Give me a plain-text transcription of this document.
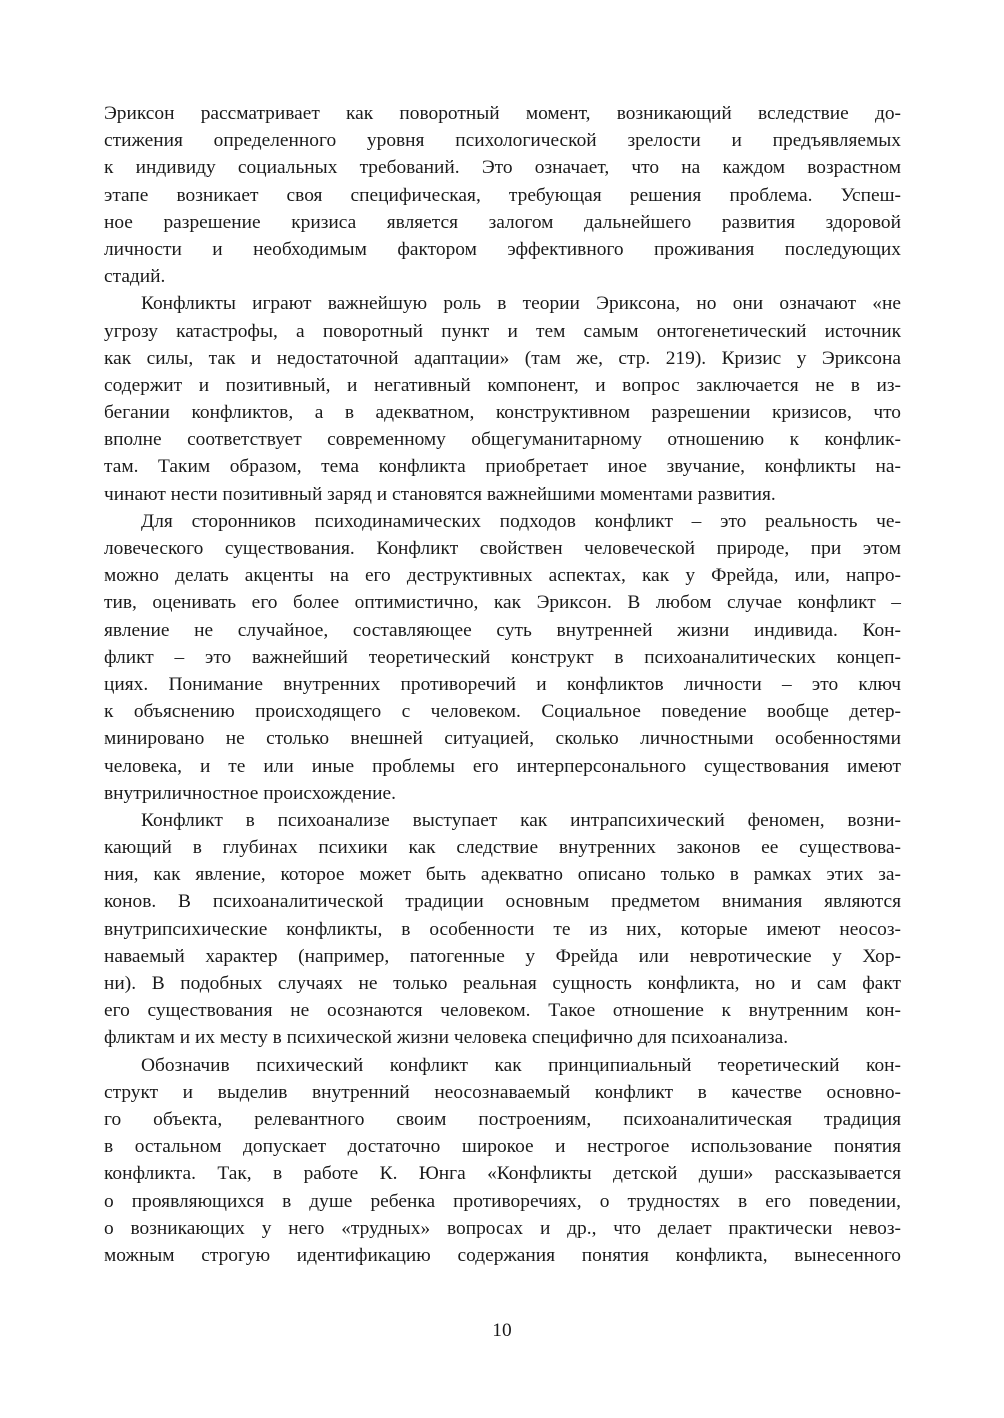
Эриксон рассматривает как поворотный момент, возникающий вследствие до-
стижения определенного уровня психологической зрелости и предъявляемых
к индивиду социальных требований. Это означает, что на каждом возрастном
этапе возникает своя специфическая, требующая решения проблема. Успеш-
ное разрешение кризиса является залогом дальнейшего развития здоровой
личности и необходимым фактором эффективного проживания последующих
стадий.
Конфликты играют важнейшую роль в теории Эриксона, но они означают «не
угрозу катастрофы, а поворотный пункт и тем самым онтогенетический источник
как силы, так и недостаточной адаптации» (там же, стр. 219). Кризис у Эриксона
содержит и позитивный, и негативный компонент, и вопрос заключается не в из-
бегании конфликтов, а в адекватном, конструктивном разрешении кризисов, что
вполне соответствует современному общегуманитарному отношению к конфлик-
там. Таким образом, тема конфликта приобретает иное звучание, конфликты на-
чинают нести позитивный заряд и становятся важнейшими моментами развития.
Для сторонников психодинамических подходов конфликт – это реальность че-
ловеческого существования. Конфликт свойствен человеческой природе, при этом
можно делать акценты на его деструктивных аспектах, как у Фрейда, или, напро-
тив, оценивать его более оптимистично, как Эриксон. В любом случае конфликт –
явление не случайное, составляющее суть внутренней жизни индивида. Кон-
фликт – это важнейший теоретический конструкт в психоаналитических концеп-
циях. Понимание внутренних противоречий и конфликтов личности – это ключ
к объяснению происходящего с человеком. Социальное поведение вообще детер-
минировано не столько внешней ситуацией, сколько личностными особенностями
человека, и те или иные проблемы его интерперсонального существования имеют
внутриличностное происхождение.
Конфликт в психоанализе выступает как интрапсихический феномен, возни-
кающий в глубинах психики как следствие внутренних законов ее существова-
ния, как явление, которое может быть адекватно описано только в рамках этих за-
конов. В психоаналитической традиции основным предметом внимания являются
внутрипсихические конфликты, в особенности те из них, которые имеют неосоз-
наваемый характер (например, патогенные у Фрейда или невротические у Хор-
ни). В подобных случаях не только реальная сущность конфликта, но и сам факт
его существования не осознаются человеком. Такое отношение к внутренним кон-
фликтам и их месту в психической жизни человека специфично для психоанализа.
Обозначив психический конфликт как принципиальный теоретический кон-
структ и выделив внутренний неосознаваемый конфликт в качестве основно-
го объекта, релевантного своим построениям, психоаналитическая традиция
в остальном допускает достаточно широкое и нестрогое использование понятия
конфликта. Так, в работе К. Юнга «Конфликты детской души» рассказывается
о проявляющихся в душе ребенка противоречиях, о трудностях в его поведении,
о возникающих у него «трудных» вопросах и др., что делает практически невоз-
можным строгую идентификацию содержания понятия конфликта, вынесенного
10
